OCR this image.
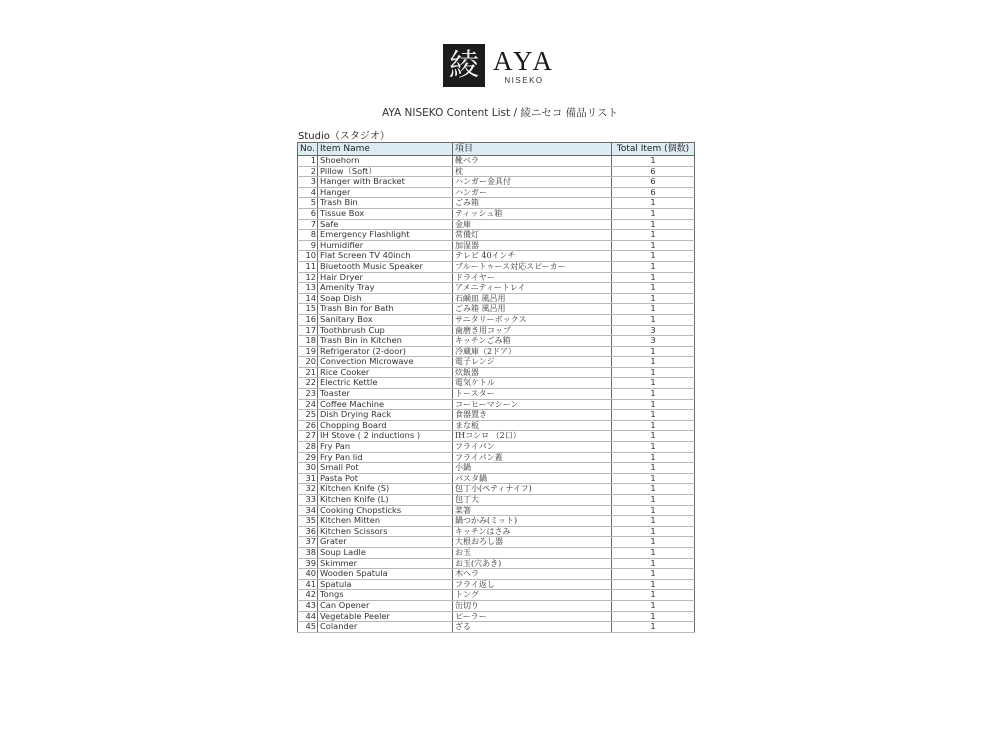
綾 AYA
NISEKO
AYA NISEKO Content List / 綾ニセコ 備品リスト
Studio（スタジオ）
No.	Item Name	項目	Total Item (個数)
1	Shoehorn	靴ベラ	1
2	Pillow（Soft）	枕	6
3	Hanger with Bracket	ハンガー金具付	6
4	Hanger	ハンガー	6
5	Trash Bin	ごみ箱	1
6	Tissue Box	ティッシュ箱	1
7	Safe	金庫	1
8	Emergency Flashlight	常備灯	1
9	Humidifier	加湿器	1
10	Flat Screen TV 40inch	テレビ 40インチ	1
11	Bluetooth Music Speaker	ブルートゥース対応スピーカー	1
12	Hair Dryer	ドライヤー	1
13	Amenity Tray	アメニティートレイ	1
14	Soap Dish	石鹸皿 風呂用	1
15	Trash Bin for Bath	ごみ箱 風呂用	1
16	Sanitary Box	サニタリーボックス	1
17	Toothbrush Cup	歯磨き用コップ	3
18	Trash Bin in Kitchen	キッチンごみ箱	3
19	Refrigerator (2-door)	冷蔵庫（2ドア）	1
20	Convection Microwave	電子レンジ	1
21	Rice Cooker	炊飯器	1
22	Electric Kettle	電気ケトル	1
23	Toaster	トースター	1
24	Coffee Machine	コーヒーマシーン	1
25	Dish Drying Rack	食器置き	1
26	Chopping Board	まな板	1
27	IH Stove ( 2 inductions )	IHコンロ （2口）	1
28	Fry Pan	フライパン	1
29	Fry Pan lid	フライパン蓋	1
30	Small Pot	小鍋	1
31	Pasta Pot	パスタ鍋	1
32	Kitchen Knife (S)	包丁小(ペティナイフ)	1
33	Kitchen Knife (L)	包丁大	1
34	Cooking Chopsticks	菜箸	1
35	Kitchen Mitten	鍋つかみ(ミット)	1
36	Kitchen Scissors	キッチンはさみ	1
37	Grater	大根おろし器	1
38	Soup Ladle	お玉	1
39	Skimmer	お玉(穴あき)	1
40	Wooden Spatula	木ヘラ	1
41	Spatula	フライ返し	1
42	Tongs	トング	1
43	Can Opener	缶切り	1
44	Vegetable Peeler	ピーラー	1
45	Colander	ざる	1
